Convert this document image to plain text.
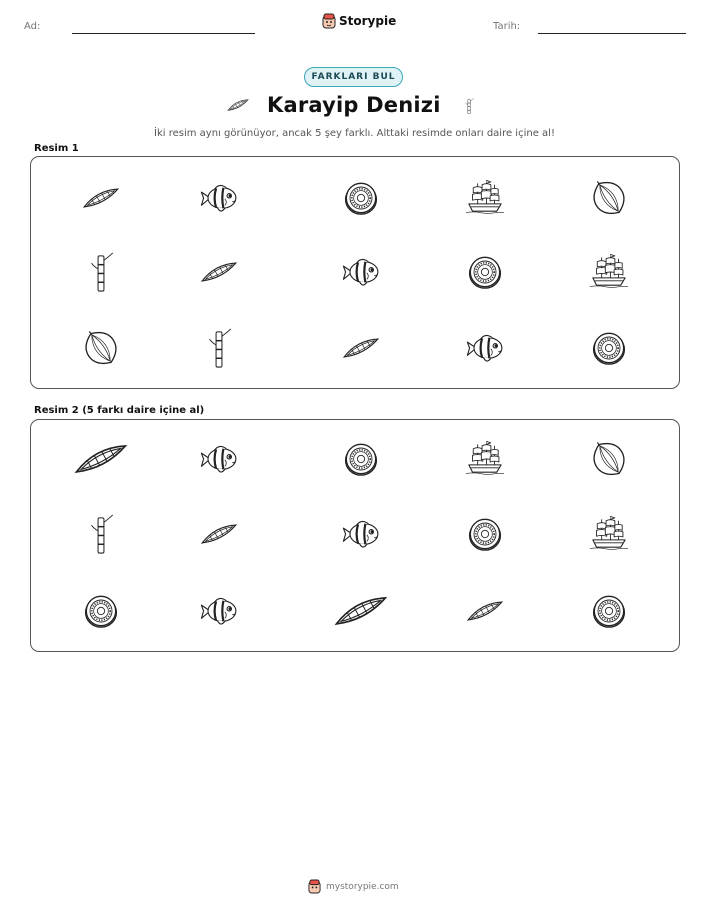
Ad:	Storypie	Tarih:
FARKLARI BUL
Karayip Denizi
İki resim aynı görünüyor, ancak 5 şey farklı. Alttaki resimde onları daire içine al!
Resim 1
Resim 2 (5 farkı daire içine al)
mystorypie.com
